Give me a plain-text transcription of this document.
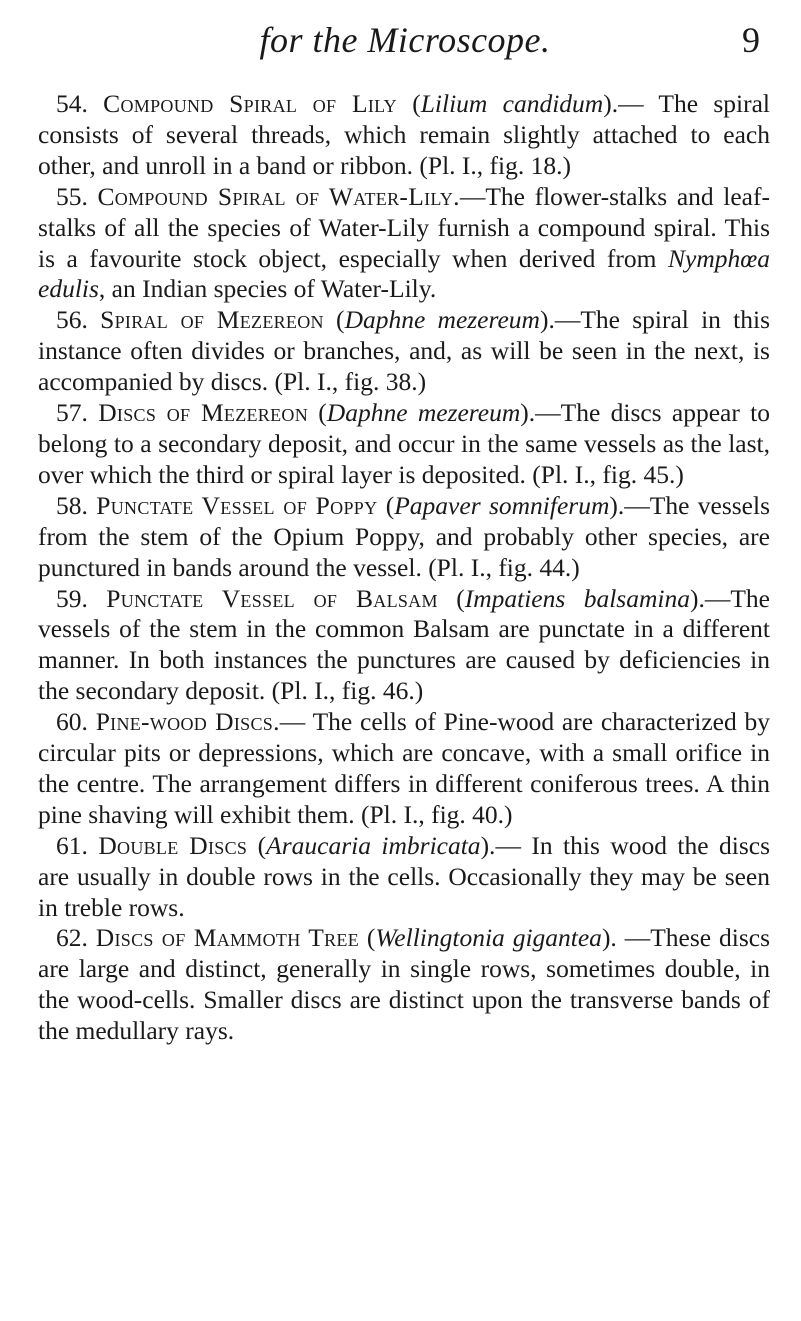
for the Microscope.	9

54. Compound Spiral of Lily (Lilium candidum).— The spiral consists of several threads, which remain slightly attached to each other, and unroll in a band or ribbon. (Pl. I., fig. 18.)

55. Compound Spiral of Water-Lily.—The flower-stalks and leaf-stalks of all the species of Water-Lily furnish a compound spiral. This is a favourite stock object, especially when derived from Nymphœa edulis, an Indian species of Water-Lily.

56. Spiral of Mezereon (Daphne mezereum).—The spiral in this instance often divides or branches, and, as will be seen in the next, is accompanied by discs. (Pl. I., fig. 38.)

57. Discs of Mezereon (Daphne mezereum).—The discs appear to belong to a secondary deposit, and occur in the same vessels as the last, over which the third or spiral layer is deposited. (Pl. I., fig. 45.)

58. Punctate Vessel of Poppy (Papaver somniferum).—The vessels from the stem of the Opium Poppy, and probably other species, are punctured in bands around the vessel. (Pl. I., fig. 44.)

59. Punctate Vessel of Balsam (Impatiens balsamina).—The vessels of the stem in the common Balsam are punctate in a different manner. In both instances the punctures are caused by deficiencies in the secondary deposit. (Pl. I., fig. 46.)

60. Pine-wood Discs.— The cells of Pine-wood are characterized by circular pits or depressions, which are concave, with a small orifice in the centre. The arrangement differs in different coniferous trees. A thin pine shaving will exhibit them. (Pl. I., fig. 40.)

61. Double Discs (Araucaria imbricata).— In this wood the discs are usually in double rows in the cells. Occasionally they may be seen in treble rows.

62. Discs of Mammoth Tree (Wellingtonia gigantea). —These discs are large and distinct, generally in single rows, sometimes double, in the wood-cells. Smaller discs are distinct upon the transverse bands of the medullary rays.
